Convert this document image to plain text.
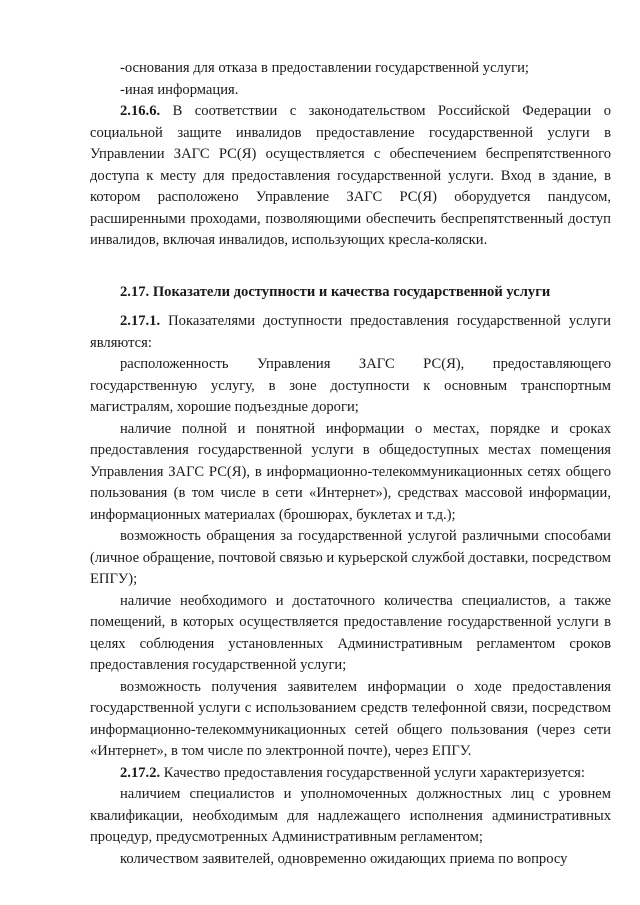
-основания для отказа в предоставлении государственной услуги;

-иная информация.

2.16.6. В соответствии с законодательством Российской Федерации о социальной защите инвалидов предоставление государственной услуги в Управлении ЗАГС РС(Я) осуществляется с обеспечением беспрепятственного доступа к месту для предоставления государственной услуги. Вход в здание, в котором расположено Управление ЗАГС РС(Я) оборудуется пандусом, расширенными проходами, позволяющими обеспечить беспрепятственный доступ инвалидов, включая инвалидов, использующих кресла-коляски.

2.17. Показатели доступности и качества государственной услуги

2.17.1. Показателями доступности предоставления государственной услуги являются:

расположенность Управления ЗАГС РС(Я), предоставляющего государственную услугу, в зоне доступности к основным транспортным магистралям, хорошие подъездные дороги;

наличие полной и понятной информации о местах, порядке и сроках предоставления государственной услуги в общедоступных местах помещения Управления ЗАГС РС(Я), в информационно-телекоммуникационных сетях общего пользования (в том числе в сети «Интернет»), средствах массовой информации, информационных материалах (брошюрах, буклетах и т.д.);

возможность обращения за государственной услугой различными способами (личное обращение, почтовой связью и курьерской службой доставки, посредством ЕПГУ);

наличие необходимого и достаточного количества специалистов, а также помещений, в которых осуществляется предоставление государственной услуги в целях соблюдения установленных Административным регламентом сроков предоставления государственной услуги;

возможность получения заявителем информации о ходе предоставления государственной услуги с использованием средств телефонной связи, посредством информационно-телекоммуникационных сетей общего пользования (через сети «Интернет», в том числе по электронной почте), через ЕПГУ.

2.17.2. Качество предоставления государственной услуги характеризуется:

наличием специалистов и уполномоченных должностных лиц с уровнем квалификации, необходимым для надлежащего исполнения административных процедур, предусмотренных Административным регламентом;

количеством заявителей, одновременно ожидающих приема по вопросу
